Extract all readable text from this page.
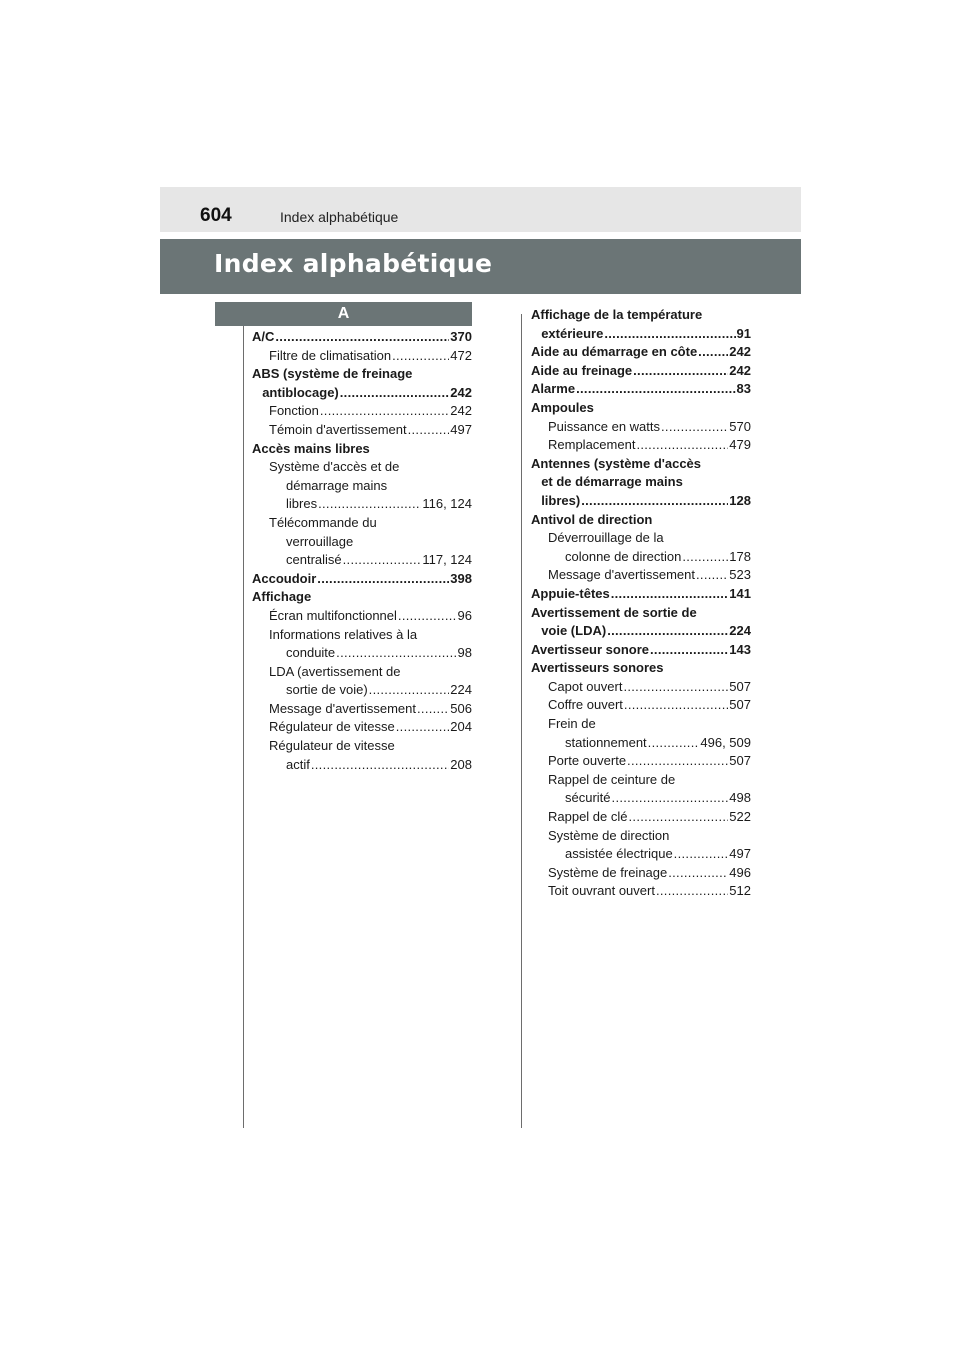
604	Index alphabétique
Index alphabétique
A
A/C .....	370
Filtre de climatisation .....	472
ABS (système de freinage
antiblocage) .....	242
Fonction .....	242
Témoin d'avertissement .....	497
Accès mains libres
Système d'accès et de
démarrage mains
libres .....	116, 124
Télécommande du
verrouillage
centralisé .....	117, 124
Accoudoir .....	398
Affichage
Écran multifonctionnel .....	96
Informations relatives à la
conduite .....	98
LDA (avertissement de
sortie de voie) .....	224
Message d'avertissement .....	506
Régulateur de vitesse .....	204
Régulateur de vitesse
actif .....	208
Affichage de la température
extérieure .....	91
Aide au démarrage en côte ..... 242
Aide au freinage .....	242
Alarme .....	83
Ampoules
Puissance en watts .....	570
Remplacement .....	479
Antennes (système d'accès
et de démarrage mains
libres) .....	128
Antivol de direction
Déverrouillage de la
colonne de direction .....	178
Message d'avertissement .....	523
Appuie-têtes .....	141
Avertissement de sortie de
voie (LDA) .....	224
Avertisseur sonore .....	143
Avertisseurs sonores
Capot ouvert .....	507
Coffre ouvert .....	507
Frein de
stationnement .....	496, 509
Porte ouverte .....	507
Rappel de ceinture de
sécurité .....	498
Rappel de clé .....	522
Système de direction
assistée électrique .....	497
Système de freinage .....	496
Toit ouvrant ouvert .....	512
